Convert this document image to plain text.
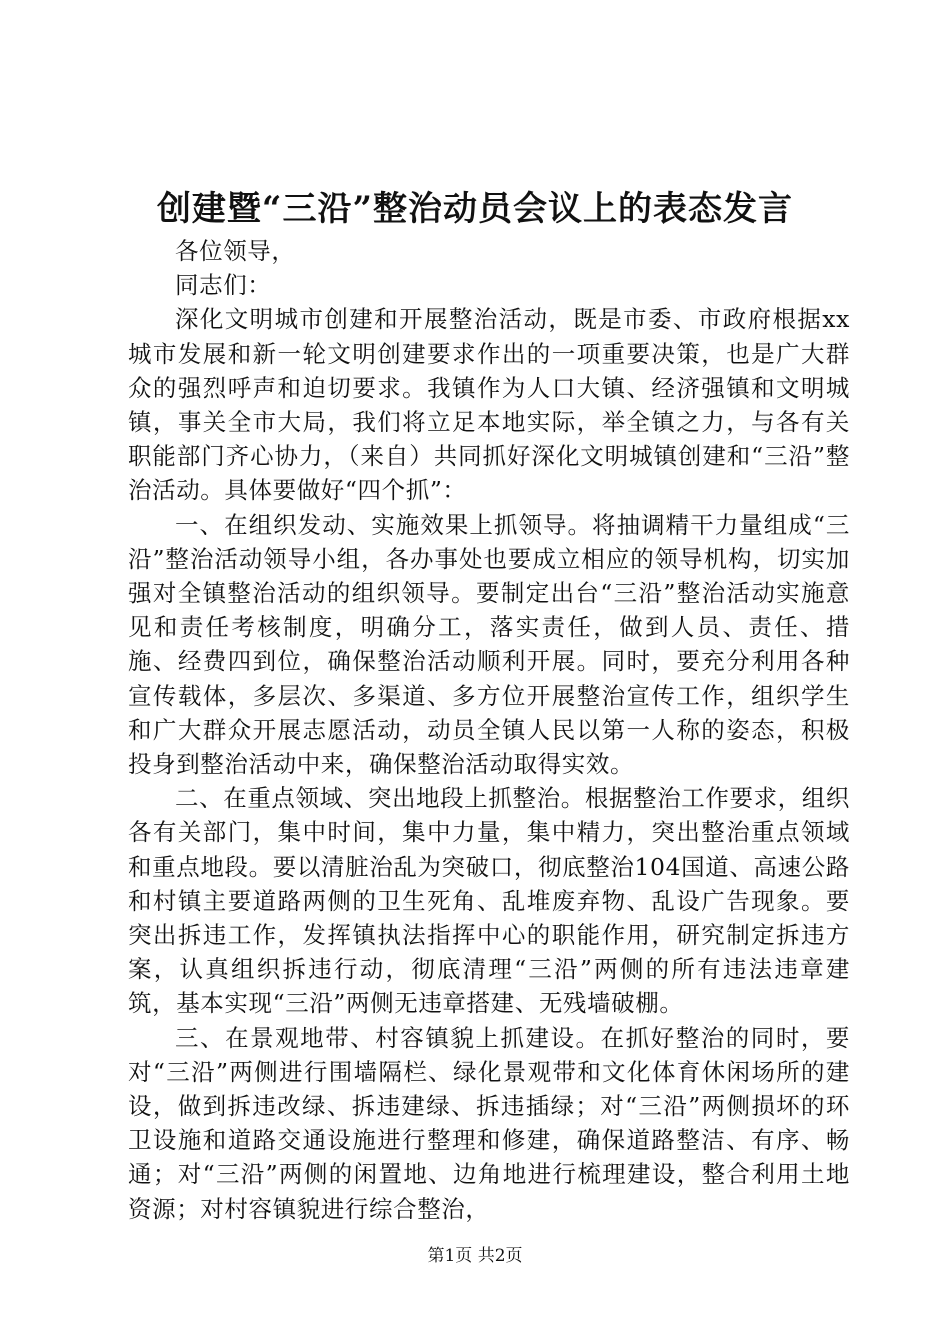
创建暨“三沿”整治动员会议上的表态发言

各位领导，

同志们：

深化文明城市创建和开展整治活动，既是市委、市政府根据xx城市发展和新一轮文明创建要求作出的一项重要决策，也是广大群众的强烈呼声和迫切要求。我镇作为人口大镇、经济强镇和文明城镇，事关全市大局，我们将立足本地实际，举全镇之力，与各有关职能部门齐心协力，（来自）共同抓好深化文明城镇创建和“三沿”整治活动。具体要做好“四个抓”：

一、在组织发动、实施效果上抓领导。将抽调精干力量组成“三沿”整治活动领导小组，各办事处也要成立相应的领导机构，切实加强对全镇整治活动的组织领导。要制定出台“三沿”整治活动实施意见和责任考核制度，明确分工，落实责任，做到人员、责任、措施、经费四到位，确保整治活动顺利开展。同时，要充分利用各种宣传载体，多层次、多渠道、多方位开展整治宣传工作，组织学生和广大群众开展志愿活动，动员全镇人民以第一人称的姿态，积极投身到整治活动中来，确保整治活动取得实效。

二、在重点领域、突出地段上抓整治。根据整治工作要求，组织各有关部门，集中时间，集中力量，集中精力，突出整治重点领域和重点地段。要以清脏治乱为突破口，彻底整治104国道、高速公路和村镇主要道路两侧的卫生死角、乱堆废弃物、乱设广告现象。要突出拆违工作，发挥镇执法指挥中心的职能作用，研究制定拆违方案，认真组织拆违行动，彻底清理“三沿”两侧的所有违法违章建筑，基本实现“三沿”两侧无违章搭建、无残墙破棚。

三、在景观地带、村容镇貌上抓建设。在抓好整治的同时，要对“三沿”两侧进行围墙隔栏、绿化景观带和文化体育休闲场所的建设，做到拆违改绿、拆违建绿、拆违插绿；对“三沿”两侧损坏的环卫设施和道路交通设施进行整理和修建，确保道路整洁、有序、畅通；对“三沿”两侧的闲置地、边角地进行梳理建设，整合利用土地资源；对村容镇貌进行综合整治，

第1页 共2页
